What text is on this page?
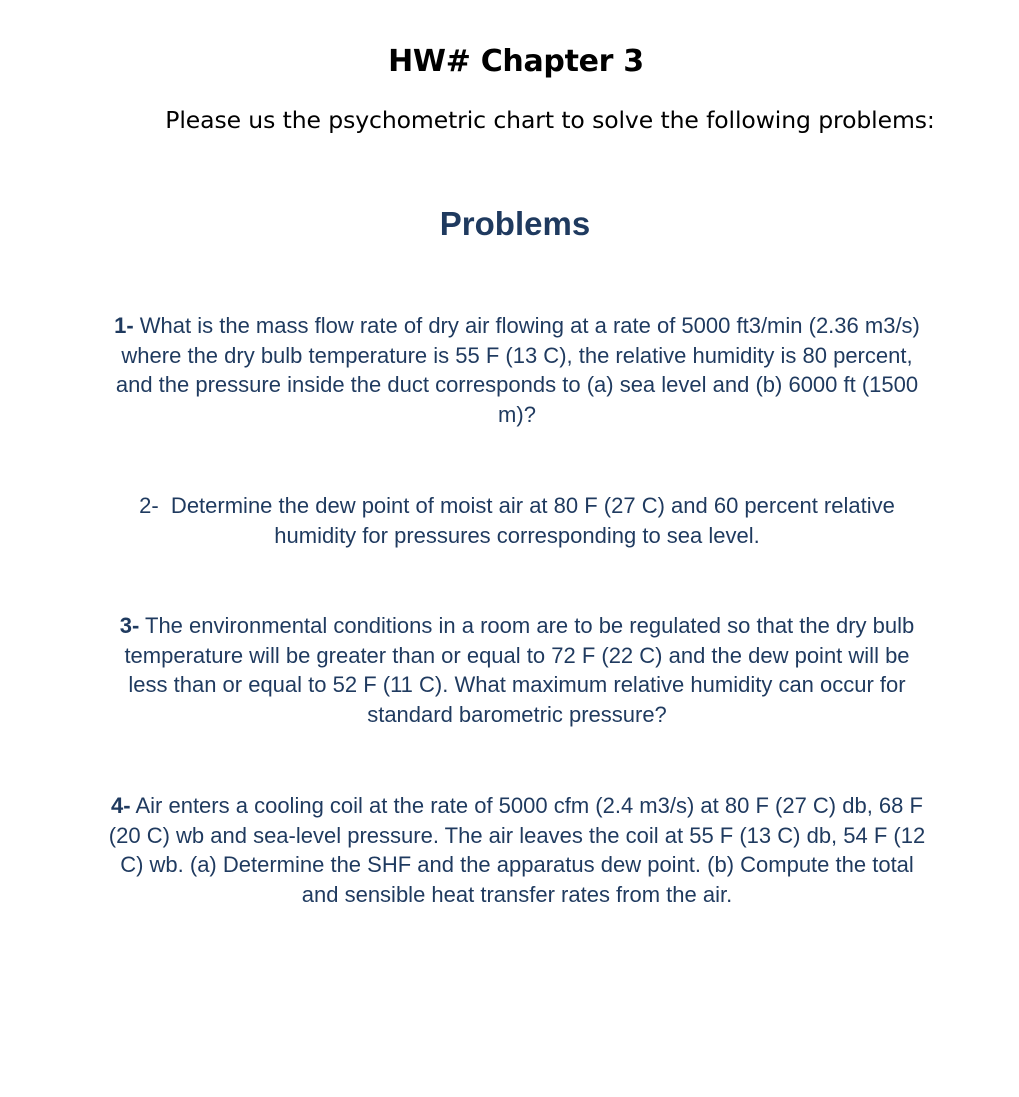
HW# Chapter 3
Please us the psychometric chart to solve the following problems:
Problems
1- What is the mass flow rate of dry air flowing at a rate of 5000 ft3/min (2.36 m3/s) where the dry bulb temperature is 55 F (13 C), the relative humidity is 80 percent, and the pressure inside the duct corresponds to (a) sea level and (b) 6000 ft (1500 m)?
2-  Determine the dew point of moist air at 80 F (27 C) and 60 percent relative humidity for pressures corresponding to sea level.
3- The environmental conditions in a room are to be regulated so that the dry bulb temperature will be greater than or equal to 72 F (22 C) and the dew point will be less than or equal to 52 F (11 C). What maximum relative humidity can occur for standard barometric pressure?
4- Air enters a cooling coil at the rate of 5000 cfm (2.4 m3/s) at 80 F (27 C) db, 68 F (20 C) wb and sea-level pressure. The air leaves the coil at 55 F (13 C) db, 54 F (12 C) wb. (a) Determine the SHF and the apparatus dew point. (b) Compute the total and sensible heat transfer rates from the air.
